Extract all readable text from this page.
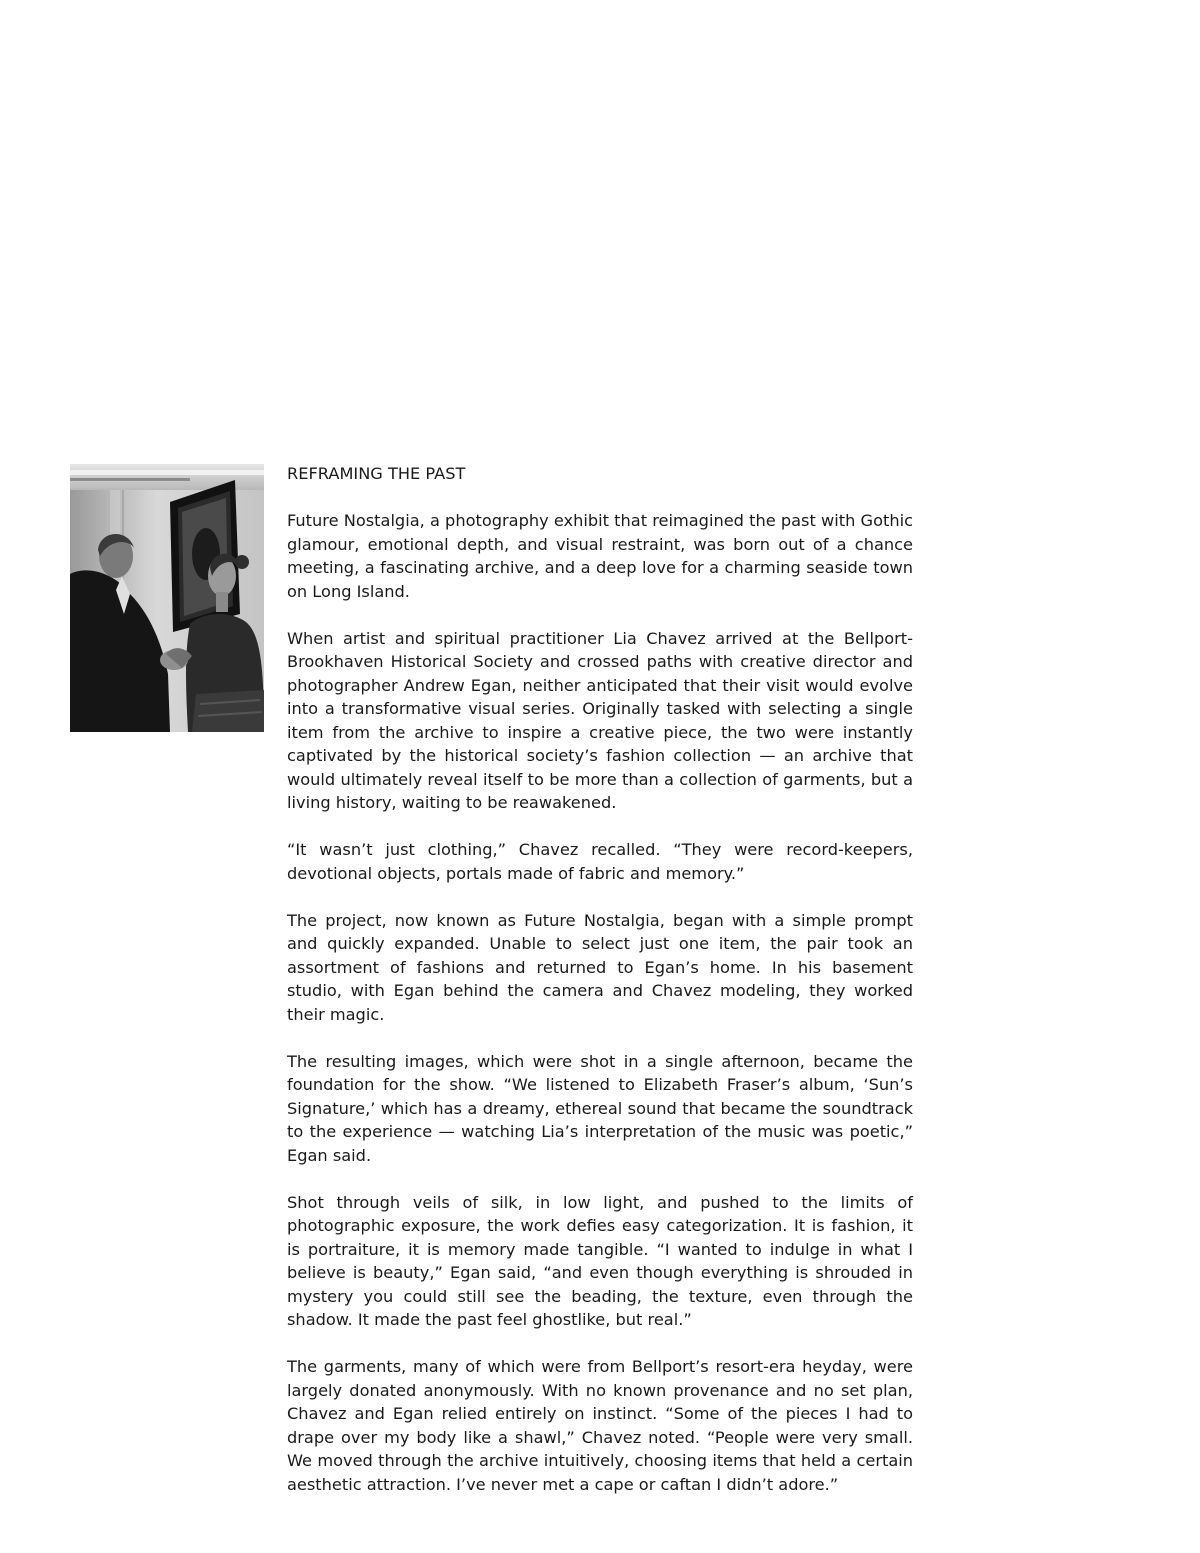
REFRAMING THE PAST

Future Nostalgia, a photography exhibit that reimagined the past with Gothic glamour, emotional depth, and visual restraint, was born out of a chance meeting, a fascinating archive, and a deep love for a charming seaside town on Long Island.

When artist and spiritual practitioner Lia Chavez arrived at the Bellport-Brookhaven Historical Society and crossed paths with creative director and photographer Andrew Egan, neither anticipated that their visit would evolve into a transformative visual series. Originally tasked with selecting a single item from the archive to inspire a creative piece, the two were instantly captivated by the historical society’s fashion collection — an archive that would ultimately reveal itself to be more than a collection of garments, but a living history, waiting to be reawakened.

“It wasn’t just clothing,” Chavez recalled. “They were record-keepers, devotional objects, portals made of fabric and memory.”

The project, now known as Future Nostalgia, began with a simple prompt and quickly expanded. Unable to select just one item, the pair took an assortment of fashions and returned to Egan’s home. In his basement studio, with Egan behind the camera and Chavez modeling, they worked their magic.

The resulting images, which were shot in a single afternoon, became the foundation for the show. “We listened to Elizabeth Fraser’s album, ‘Sun’s Signature,’ which has a dreamy, ethereal sound that became the soundtrack to the experience — watching Lia’s interpretation of the music was poetic,” Egan said.

Shot through veils of silk, in low light, and pushed to the limits of photographic exposure, the work defies easy categorization. It is fashion, it is portraiture, it is memory made tangible. “I wanted to indulge in what I believe is beauty,” Egan said, “and even though everything is shrouded in mystery you could still see the beading, the texture, even through the shadow. It made the past feel ghostlike, but real.”

The garments, many of which were from Bellport’s resort-era heyday, were largely donated anonymously. With no known provenance and no set plan, Chavez and Egan relied entirely on instinct. “Some of the pieces I had to drape over my body like a shawl,” Chavez noted. “People were very small. We moved through the archive intuitively, choosing items that held a certain aesthetic attraction. I’ve never met a cape or caftan I didn’t adore.”
